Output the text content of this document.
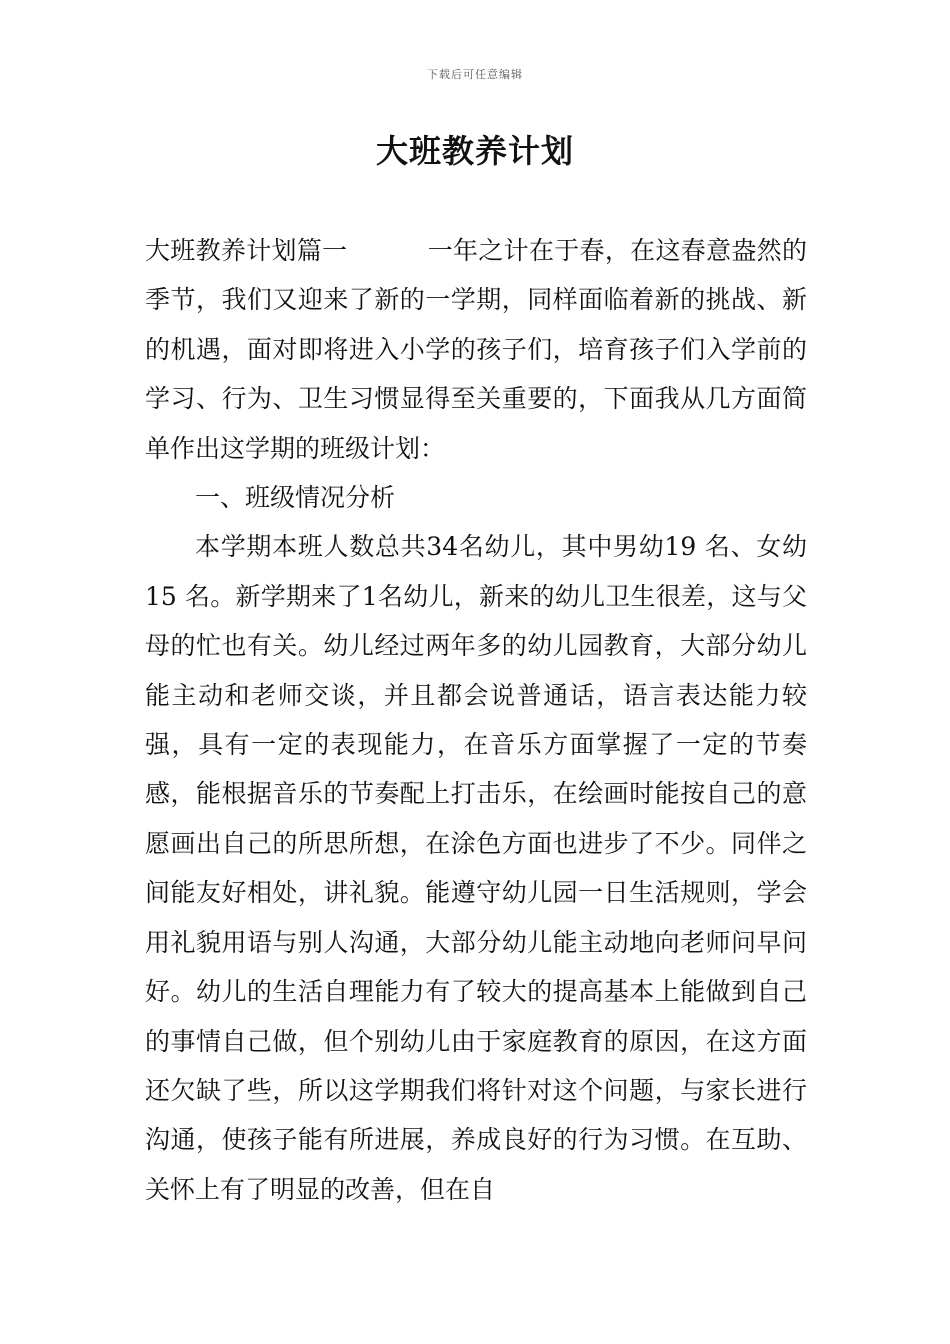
下载后可任意编辑
大班教养计划

大班教养计划篇一	一年之计在于春，在这春意盎然的季节，我们又迎来了新的一学期，同样面临着新的挑战、新的机遇，面对即将进入小学的孩子们，培育孩子们入学前的学习、行为、卫生习惯显得至关重要的，下面我从几方面简单作出这学期的班级计划：

一、班级情况分析

本学期本班人数总共34名幼儿，其中男幼19 名、女幼 15 名。新学期来了1名幼儿，新来的幼儿卫生很差，这与父母的忙也有关。幼儿经过两年多的幼儿园教育，大部分幼儿能主动和老师交谈，并且都会说普通话，语言表达能力较强，具有一定的表现能力，在音乐方面掌握了一定的节奏感，能根据音乐的节奏配上打击乐，在绘画时能按自己的意愿画出自己的所思所想，在涂色方面也进步了不少。同伴之间能友好相处，讲礼貌。能遵守幼儿园一日生活规则，学会用礼貌用语与别人沟通，大部分幼儿能主动地向老师问早问好。幼儿的生活自理能力有了较大的提高基本上能做到自己的事情自己做，但个别幼儿由于家庭教育的原因，在这方面还欠缺了些，所以这学期我们将针对这个问题，与家长进行沟通，使孩子能有所进展，养成良好的行为习惯。在互助、关怀上有了明显的改善，但在自
